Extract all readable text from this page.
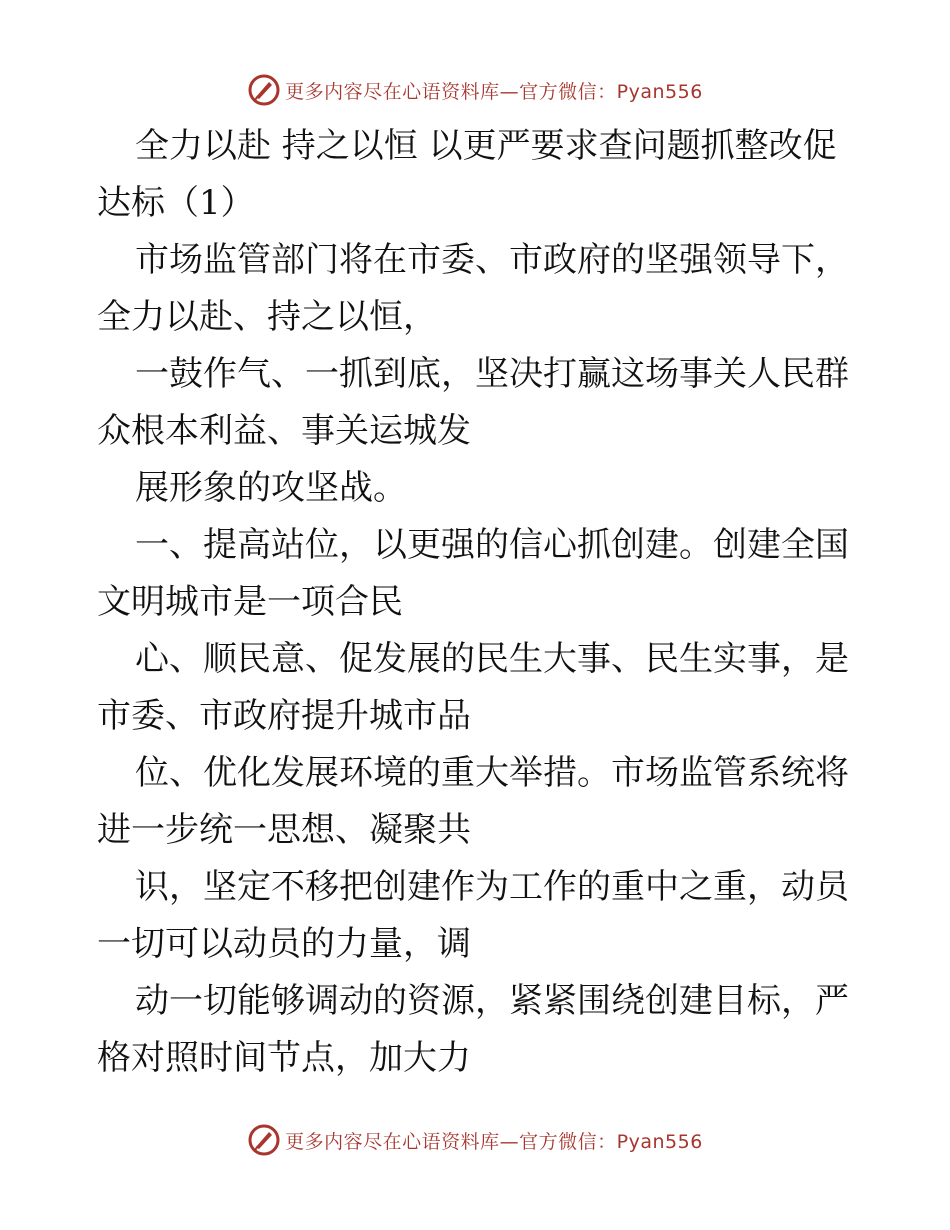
更多内容尽在心语资料库—官方微信：Pyan556
全力以赴 持之以恒 以更严要求查问题抓整改促
达标（1）
市场监管部门将在市委、市政府的坚强领导下，
全力以赴、持之以恒，
一鼓作气、一抓到底，坚决打赢这场事关人民群
众根本利益、事关运城发
展形象的攻坚战。
一、提高站位，以更强的信心抓创建。创建全国
文明城市是一项合民
心、顺民意、促发展的民生大事、民生实事，是
市委、市政府提升城市品
位、优化发展环境的重大举措。市场监管系统将
进一步统一思想、凝聚共
识，坚定不移把创建作为工作的重中之重，动员
一切可以动员的力量，调
动一切能够调动的资源，紧紧围绕创建目标，严
格对照时间节点，加大力
更多内容尽在心语资料库—官方微信：Pyan556
